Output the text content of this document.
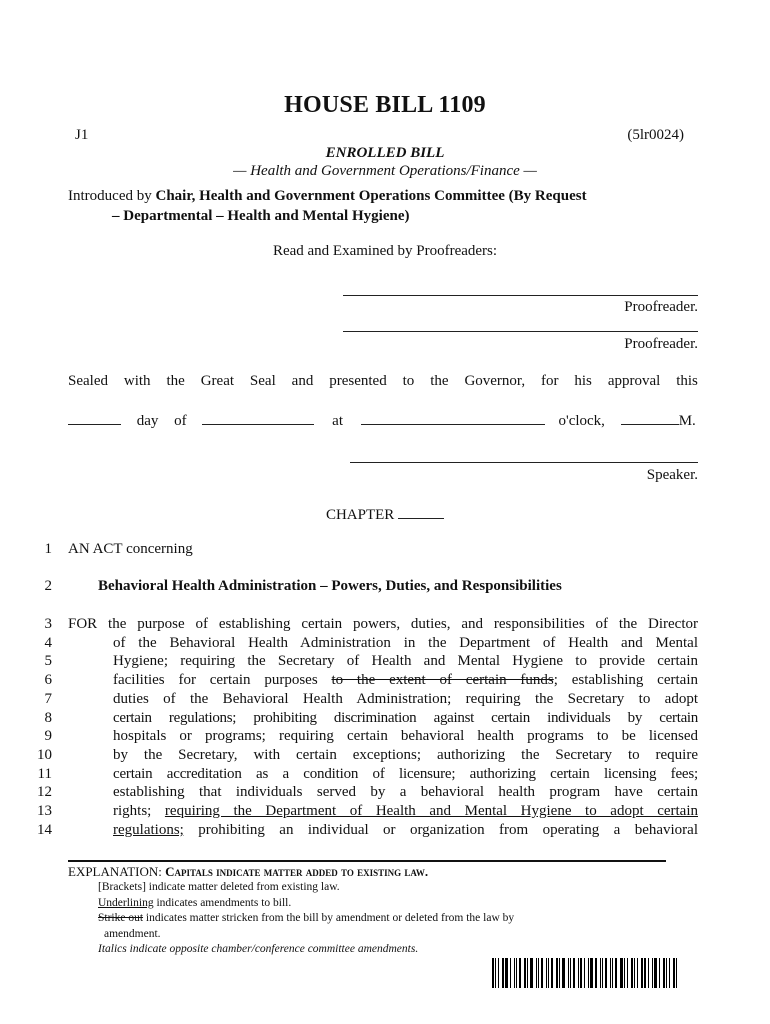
HOUSE BILL 1109
J1	(5lr0024)
ENROLLED BILL
— Health and Government Operations/Finance —
Introduced by Chair, Health and Government Operations Committee (By Request
– Departmental – Health and Mental Hygiene)
Read and Examined by Proofreaders:
Proofreader.
Proofreader.
Sealed with the Great Seal and presented to the Governor, for his approval this
day of	at	o'clock,	M.
Speaker.
CHAPTER
1 AN ACT concerning
2	Behavioral Health Administration – Powers, Duties, and Responsibilities
3 FOR the purpose of establishing certain powers, duties, and responsibilities of the Director
4	of the Behavioral Health Administration in the Department of Health and Mental
5	Hygiene; requiring the Secretary of Health and Mental Hygiene to provide certain
6	facilities for certain purposes to the extent of certain funds; establishing certain
7	duties of the Behavioral Health Administration; requiring the Secretary to adopt
8	certain regulations; prohibiting discrimination against certain individuals by certain
9	hospitals or programs; requiring certain behavioral health programs to be licensed
10	by the Secretary, with certain exceptions; authorizing the Secretary to require
11	certain accreditation as a condition of licensure; authorizing certain licensing fees;
12	establishing that individuals served by a behavioral health program have certain
13	rights; requiring the Department of Health and Mental Hygiene to adopt certain
14	regulations; prohibiting an individual or organization from operating a behavioral
EXPLANATION: Capitals indicate matter added to existing law.
[Brackets] indicate matter deleted from existing law.
Underlining indicates amendments to bill.
Strike out indicates matter stricken from the bill by amendment or deleted from the law by
amendment.
Italics indicate opposite chamber/conference committee amendments.
